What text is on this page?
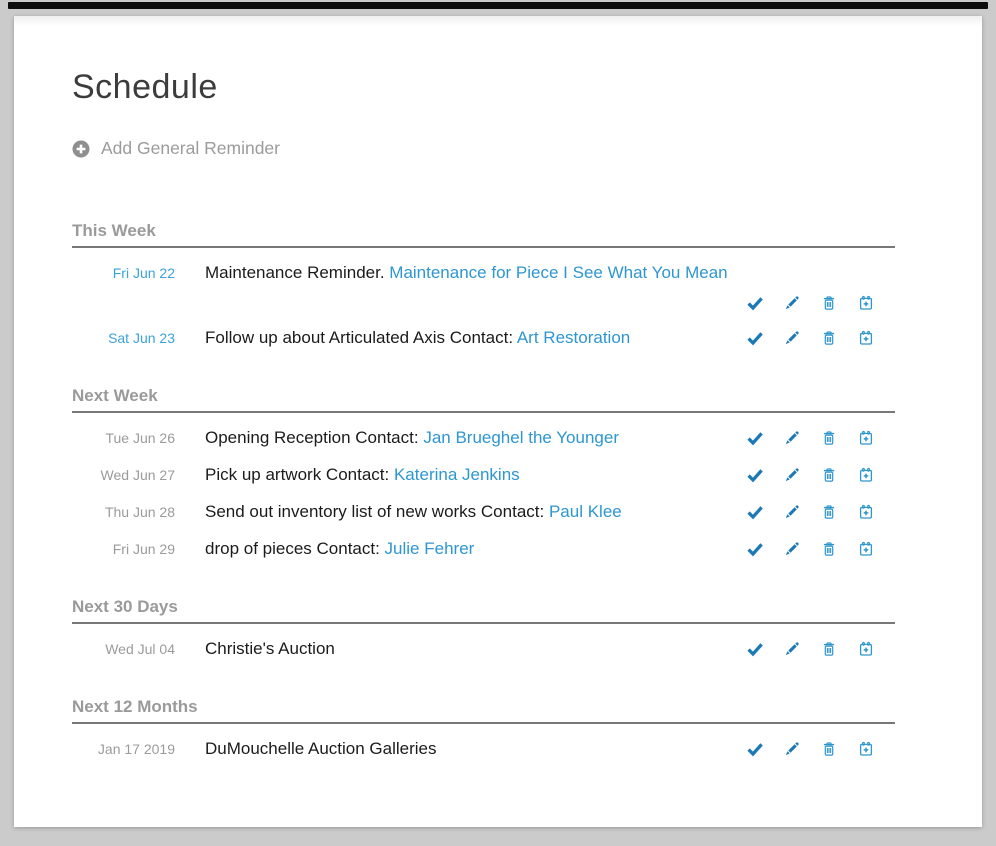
Schedule
Add General Reminder
This Week
Fri Jun 22	Maintenance Reminder. Maintenance for Piece I See What You Mean
Sat Jun 23	Follow up about Articulated Axis Contact: Art Restoration
Next Week
Tue Jun 26	Opening Reception Contact: Jan Brueghel the Younger
Wed Jun 27	Pick up artwork Contact: Katerina Jenkins
Thu Jun 28	Send out inventory list of new works Contact: Paul Klee
Fri Jun 29	drop of pieces Contact: Julie Fehrer
Next 30 Days
Wed Jul 04	Christie's Auction
Next 12 Months
Jan 17 2019	DuMouchelle Auction Galleries
